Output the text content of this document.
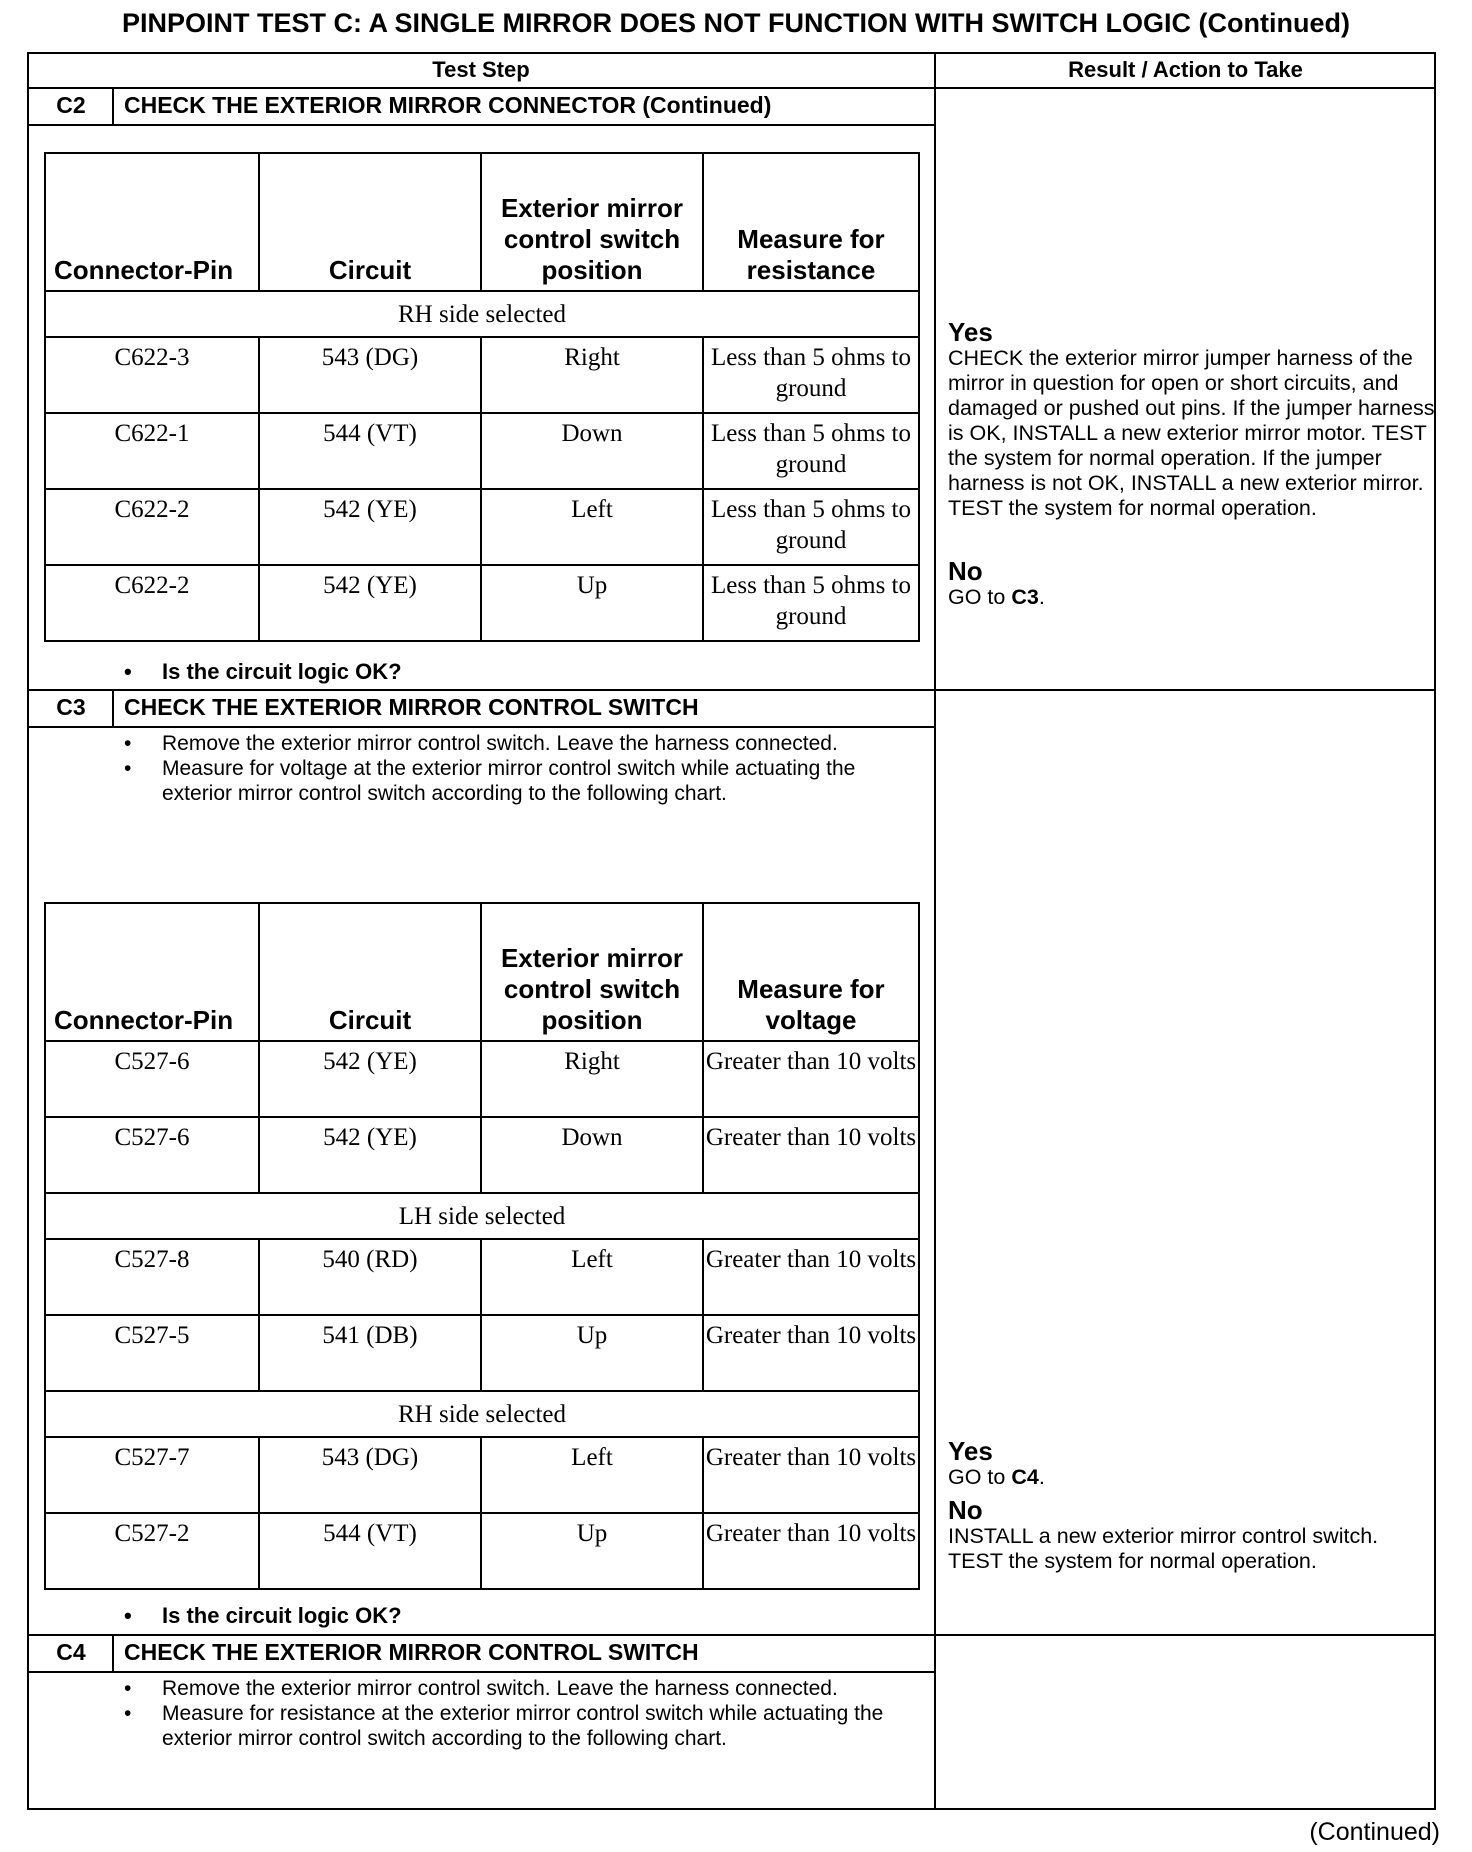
PINPOINT TEST C: A SINGLE MIRROR DOES NOT FUNCTION WITH SWITCH LOGIC (Continued)
Test Step	Result / Action to Take
C2	CHECK THE EXTERIOR MIRROR CONNECTOR (Continued)
Connector-Pin	Circuit	Exterior mirror control switch position	Measure for resistance
RH side selected			
C622-3	543 (DG)	Right	Less than 5 ohms to ground
C622-1	544 (VT)	Down	Less than 5 ohms to ground
C622-2	542 (YE)	Left	Less than 5 ohms to ground
C622-2	542 (YE)	Up	Less than 5 ohms to ground
• Is the circuit logic OK?
Yes
CHECK the exterior mirror jumper harness of the mirror in question for open or short circuits, and damaged or pushed out pins. If the jumper harness is OK, INSTALL a new exterior mirror motor. TEST the system for normal operation. If the jumper harness is not OK, INSTALL a new exterior mirror. TEST the system for normal operation.
No
GO to C3.
C3	CHECK THE EXTERIOR MIRROR CONTROL SWITCH
• Remove the exterior mirror control switch. Leave the harness connected.
• Measure for voltage at the exterior mirror control switch while actuating the exterior mirror control switch according to the following chart.
Connector-Pin	Circuit	Exterior mirror control switch position	Measure for voltage
C527-6	542 (YE)	Right	Greater than 10 volts
C527-6	542 (YE)	Down	Greater than 10 volts
LH side selected			
C527-8	540 (RD)	Left	Greater than 10 volts
C527-5	541 (DB)	Up	Greater than 10 volts
RH side selected			
C527-7	543 (DG)	Left	Greater than 10 volts
C527-2	544 (VT)	Up	Greater than 10 volts
• Is the circuit logic OK?
Yes
GO to C4.
No
INSTALL a new exterior mirror control switch. TEST the system for normal operation.
C4	CHECK THE EXTERIOR MIRROR CONTROL SWITCH
• Remove the exterior mirror control switch. Leave the harness connected.
• Measure for resistance at the exterior mirror control switch while actuating the exterior mirror control switch according to the following chart.
(Continued)
